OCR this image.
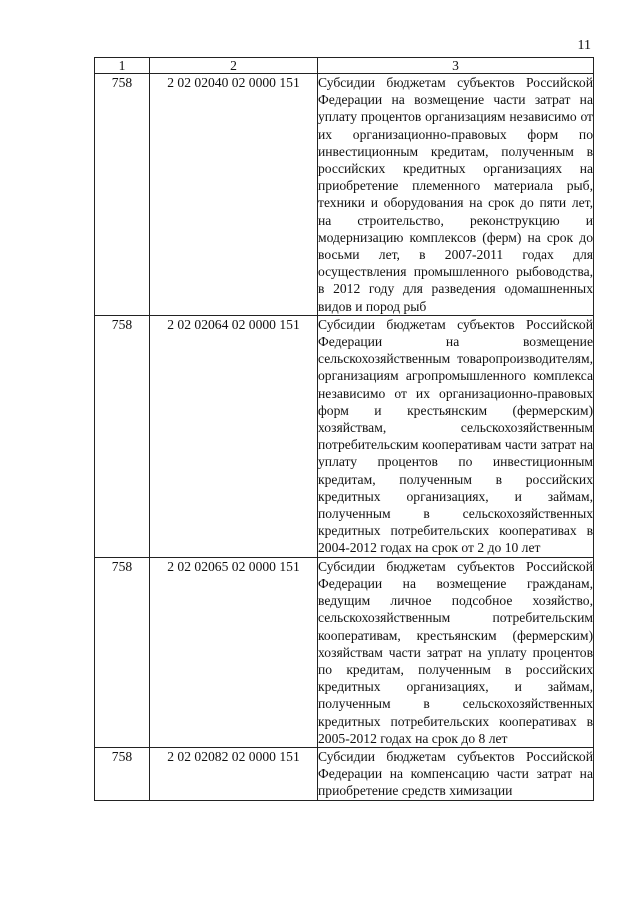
11
1	2	3
758	2 02 02040 02 0000 151	Субсидии бюджетам субъектов Российской Федерации на возмещение части затрат на уплату процентов организациям независимо от их организационно-правовых форм по инвестиционным кредитам, полученным в российских кредитных организациях на приобретение племенного материала рыб, техники и оборудования на срок до пяти лет, на строительство, реконструкцию и модернизацию комплексов (ферм) на срок до восьми лет, в 2007-2011 годах для осуществления промышленного рыбоводства, в 2012 году для разведения одомашненных видов и пород рыб
758	2 02 02064 02 0000 151	Субсидии бюджетам субъектов Российской Федерации на возмещение сельскохозяйственным товаропроизводителям, организациям агропромышленного комплекса независимо от их организационно-правовых форм и крестьянским (фермерским) хозяйствам, сельскохозяйственным потребительским кооперативам части затрат на уплату процентов по инвестиционным кредитам, полученным в российских кредитных организациях, и займам, полученным в сельскохозяйственных кредитных потребительских кооперативах в 2004-2012 годах на срок от 2 до 10 лет
758	2 02 02065 02 0000 151	Субсидии бюджетам субъектов Российской Федерации на возмещение гражданам, ведущим личное подсобное хозяйство, сельскохозяйственным потребительским кооперативам, крестьянским (фермерским) хозяйствам части затрат на уплату процентов по кредитам, полученным в российских кредитных организациях, и займам, полученным в сельскохозяйственных кредитных потребительских кооперативах в 2005-2012 годах на срок до 8 лет
758	2 02 02082 02 0000 151	Субсидии бюджетам субъектов Российской Федерации на компенсацию части затрат на приобретение средств химизации
